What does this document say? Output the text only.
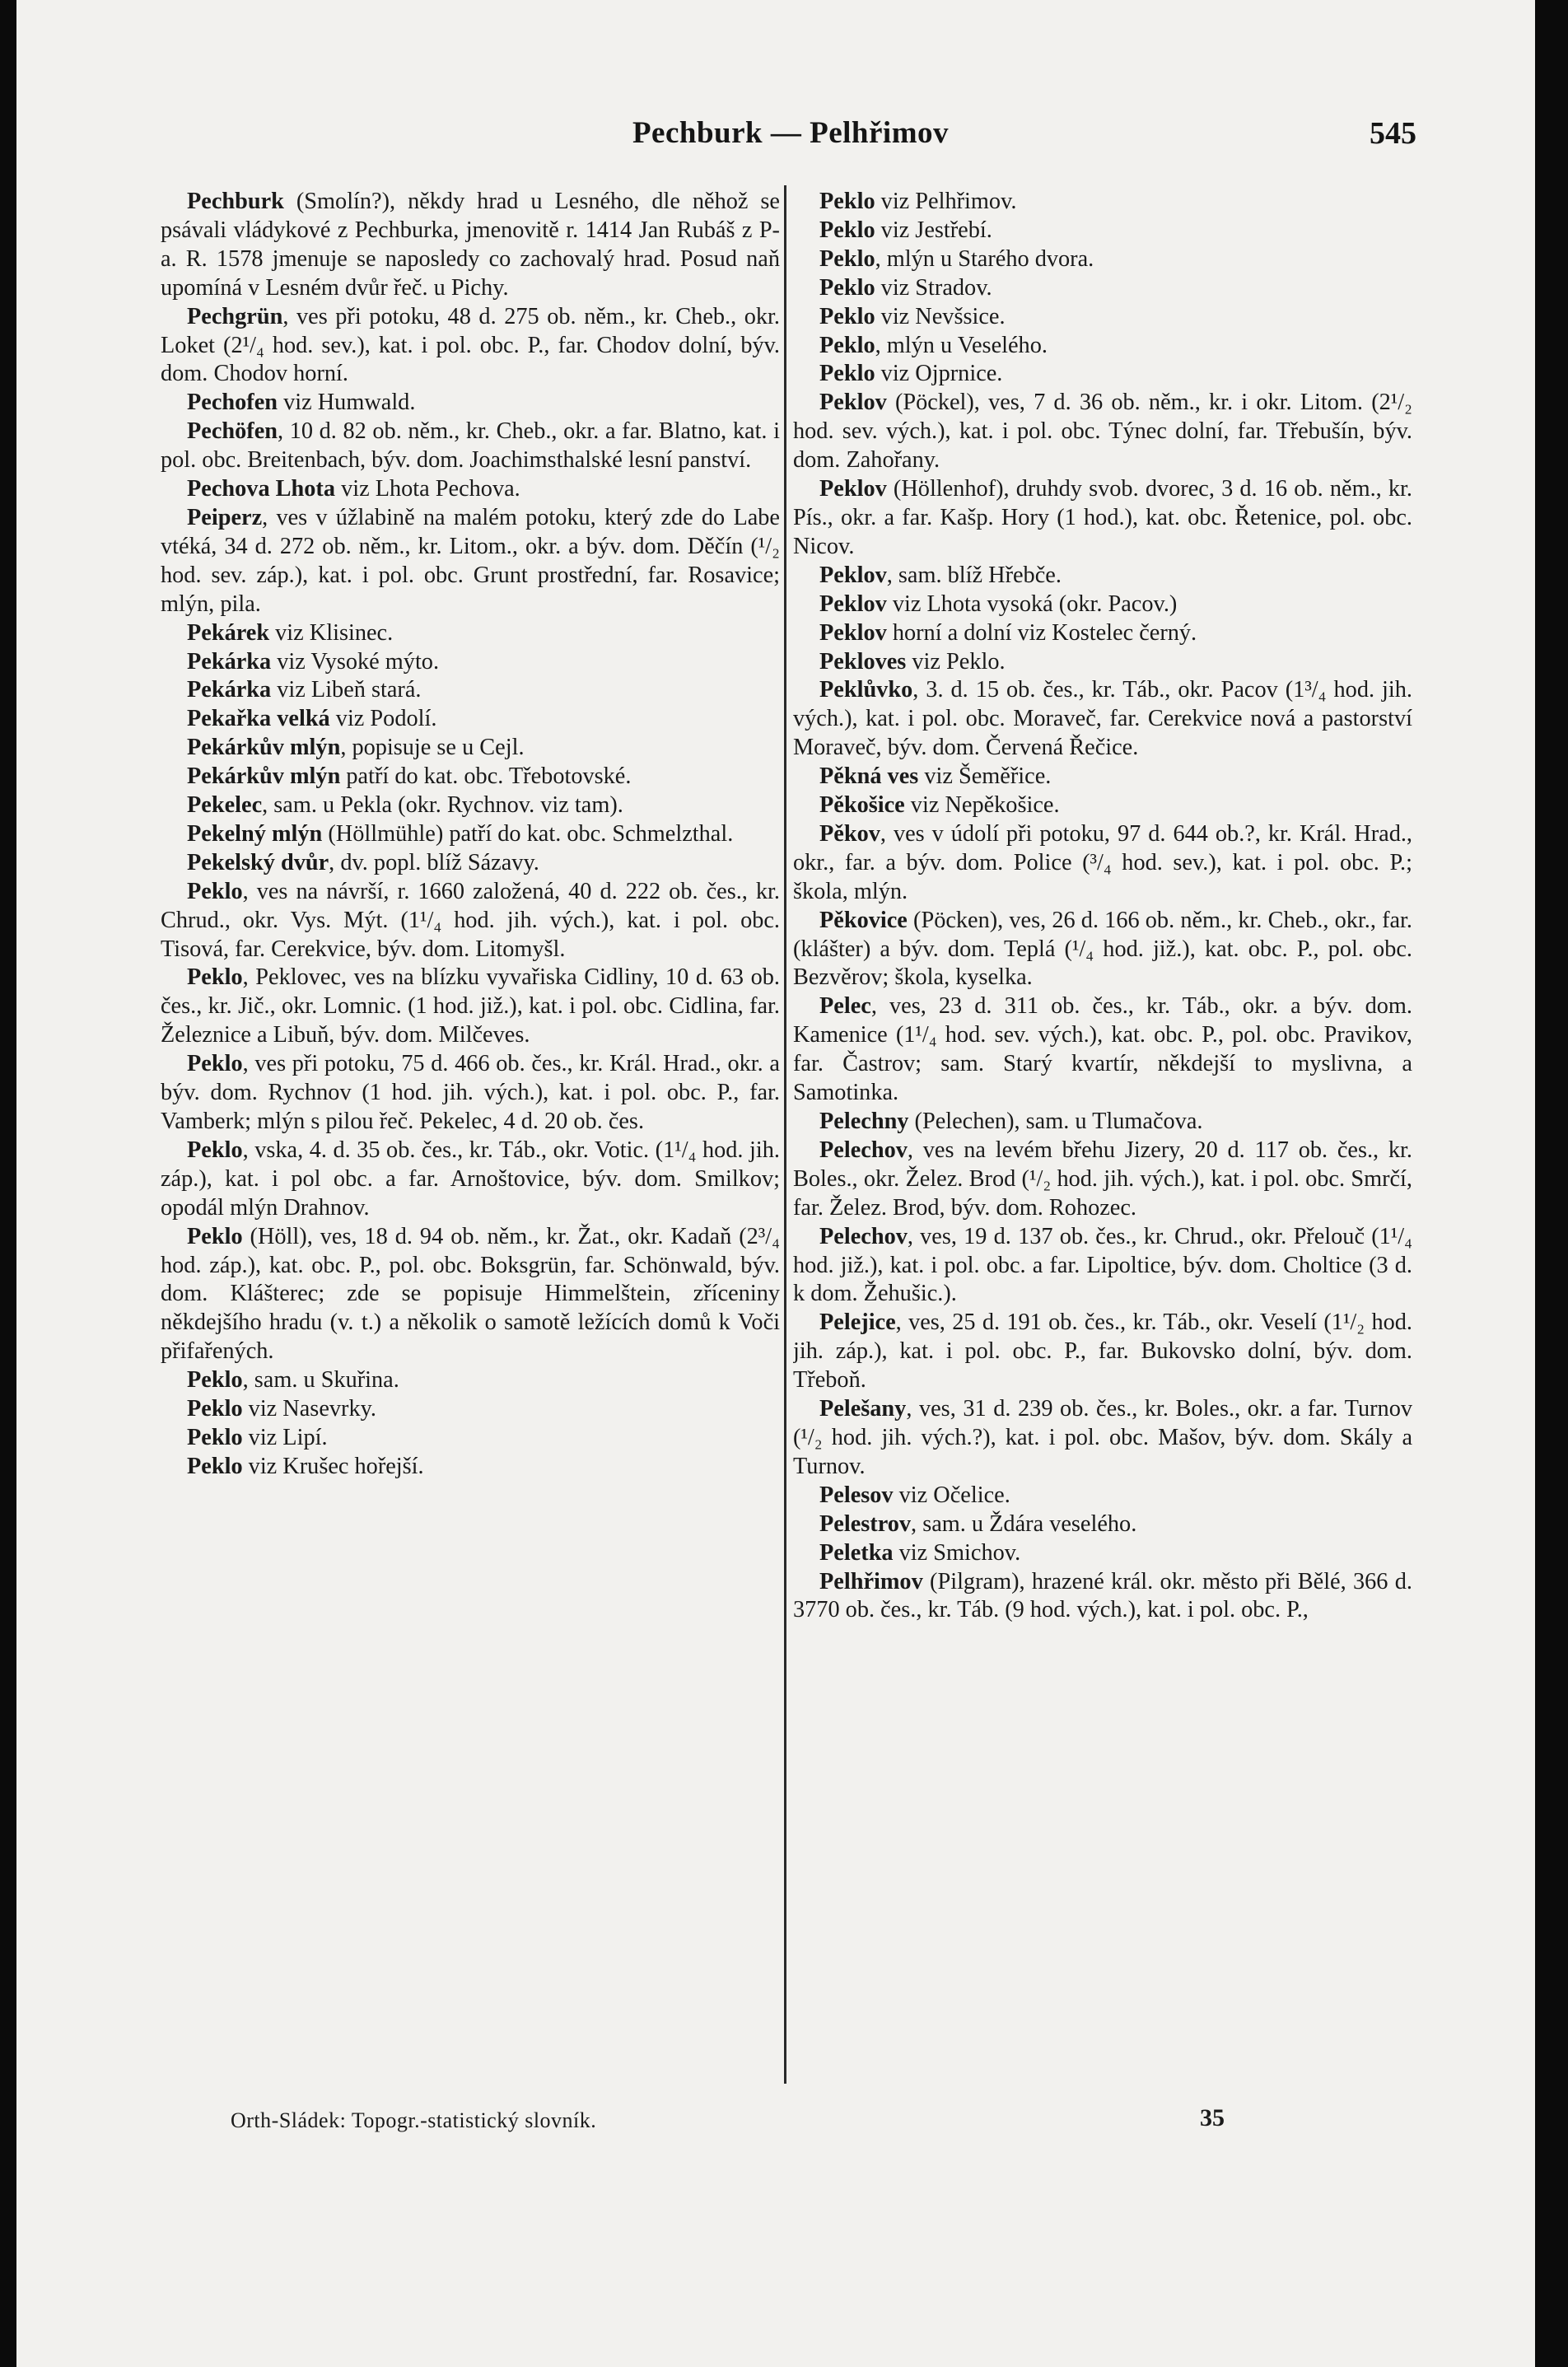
Pechburk — Pelhřimov	545

Pechburk (Smolín?), někdy hrad u Lesného, dle něhož se psávali vládykové z Pechburka, jmenovitě r. 1414 Jan Rubáš z P-a. R. 1578 jmenuje se naposledy co zachovalý hrad. Posud naň upomíná v Lesném dvůr řeč. u Pichy.

Pechgrün, ves při potoku, 48 d. 275 ob. něm., kr. Cheb., okr. Loket (2¹/₄ hod. sev.), kat. i pol. obc. P., far. Chodov dolní, býv. dom. Chodov horní.

Pechofen viz Humwald.

Pechöfen, 10 d. 82 ob. něm., kr. Cheb., okr. a far. Blatno, kat. i pol. obc. Breitenbach, býv. dom. Joachimsthalské lesní panství.

Pechova Lhota viz Lhota Pechova.

Peiperz, ves v úžlabině na malém potoku, který zde do Labe vtéká, 34 d. 272 ob. něm., kr. Litom., okr. a býv. dom. Děčín (¹/₂ hod. sev. záp.), kat. i pol. obc. Grunt prostřední, far. Rosavice; mlýn, pila.

Pekárek viz Klisinec.

Pekárka viz Vysoké mýto.

Pekárka viz Libeň stará.

Pekařka velká viz Podolí.

Pekárkův mlýn, popisuje se u Cejl.

Pekárkův mlýn patří do kat. obc. Třebotovské.

Pekelec, sam. u Pekla (okr. Rychnov. viz tam).

Pekelný mlýn (Höllmühle) patří do kat. obc. Schmelzthal.

Pekelský dvůr, dv. popl. blíž Sázavy.

Peklo, ves na návrší, r. 1660 založená, 40 d. 222 ob. čes., kr. Chrud., okr. Vys. Mýt. (1¹/₄ hod. jih. vých.), kat. i pol. obc. Tisová, far. Cerekvice, býv. dom. Litomyšl.

Peklo, Peklovec, ves na blízku vyvařiska Cidliny, 10 d. 63 ob. čes., kr. Jič., okr. Lomnic. (1 hod. již.), kat. i pol. obc. Cidlina, far. Železnice a Libuň, býv. dom. Milčeves.

Peklo, ves při potoku, 75 d. 466 ob. čes., kr. Král. Hrad., okr. a býv. dom. Rychnov (1 hod. jih. vých.), kat. i pol. obc. P., far. Vamberk; mlýn s pilou řeč. Pekelec, 4 d. 20 ob. čes.

Peklo, vska, 4. d. 35 ob. čes., kr. Táb., okr. Votic. (1¹/₄ hod. jih. záp.), kat. i pol obc. a far. Arnoštovice, býv. dom. Smilkov; opodál mlýn Drahnov.

Peklo (Höll), ves, 18 d. 94 ob. něm., kr. Žat., okr. Kadaň (2³/₄ hod. záp.), kat. obc. P., pol. obc. Boksgrün, far. Schönwald, býv. dom. Klášterec; zde se popisuje Himmelštein, zříceniny někdejšího hradu (v. t.) a několik o samotě ležících domů k Voči přifařených.

Peklo, sam. u Skuřina.

Peklo viz Nasevrky.

Peklo viz Lipí.

Peklo viz Krušec hořejší.

Peklo viz Pelhřimov.

Peklo viz Jestřebí.

Peklo, mlýn u Starého dvora.

Peklo viz Stradov.

Peklo viz Nevšsice.

Peklo, mlýn u Veselého.

Peklo viz Ojprnice.

Peklov (Pöckel), ves, 7 d. 36 ob. něm., kr. i okr. Litom. (2¹/₂ hod. sev. vých.), kat. i pol. obc. Týnec dolní, far. Třebušín, býv. dom. Zahořany.

Peklov (Höllenhof), druhdy svob. dvorec, 3 d. 16 ob. něm., kr. Pís., okr. a far. Kašp. Hory (1 hod.), kat. obc. Řetenice, pol. obc. Nicov.

Peklov, sam. blíž Hřebče.

Peklov viz Lhota vysoká (okr. Pacov.)

Peklov horní a dolní viz Kostelec černý.

Pekloves viz Peklo.

Peklůvko, 3. d. 15 ob. čes., kr. Táb., okr. Pacov (1³/₄ hod. jih. vých.), kat. i pol. obc. Moraveč, far. Cerekvice nová a pastorství Moraveč, býv. dom. Červená Řečice.

Pěkná ves viz Šeměřice.

Pěkošice viz Nepěkošice.

Pěkov, ves v údolí při potoku, 97 d. 644 ob.?, kr. Král. Hrad., okr., far. a býv. dom. Police (³/₄ hod. sev.), kat. i pol. obc. P.; škola, mlýn.

Pěkovice (Pöcken), ves, 26 d. 166 ob. něm., kr. Cheb., okr., far. (klášter) a býv. dom. Teplá (¹/₄ hod. již.), kat. obc. P., pol. obc. Bezvěrov; škola, kyselka.

Pelec, ves, 23 d. 311 ob. čes., kr. Táb., okr. a býv. dom. Kamenice (1¹/₄ hod. sev. vých.), kat. obc. P., pol. obc. Pravikov, far. Častrov; sam. Starý kvartír, někdejší to myslivna, a Samotinka.

Pelechny (Pelechen), sam. u Tlumačova.

Pelechov, ves na levém břehu Jizery, 20 d. 117 ob. čes., kr. Boles., okr. Želez. Brod (¹/₂ hod. jih. vých.), kat. i pol. obc. Smrčí, far. Želez. Brod, býv. dom. Rohozec.

Pelechov, ves, 19 d. 137 ob. čes., kr. Chrud., okr. Přelouč (1¹/₄ hod. již.), kat. i pol. obc. a far. Lipoltice, býv. dom. Choltice (3 d. k dom. Žehušic.).

Pelejice, ves, 25 d. 191 ob. čes., kr. Táb., okr. Veselí (1¹/₂ hod. jih. záp.), kat. i pol. obc. P., far. Bukovsko dolní, býv. dom. Třeboň.

Pelešany, ves, 31 d. 239 ob. čes., kr. Boles., okr. a far. Turnov (¹/₂ hod. jih. vých.?), kat. i pol. obc. Mašov, býv. dom. Skály a Turnov.

Pelesov viz Očelice.

Pelestrov, sam. u Ždára veselého.

Peletka viz Smichov.

Pelhřimov (Pilgram), hrazené král. okr. město při Bělé, 366 d. 3770 ob. čes., kr. Táb. (9 hod. vých.), kat. i pol. obc. P.,

Orth-Sládek: Topogr.-statistický slovník.	35
